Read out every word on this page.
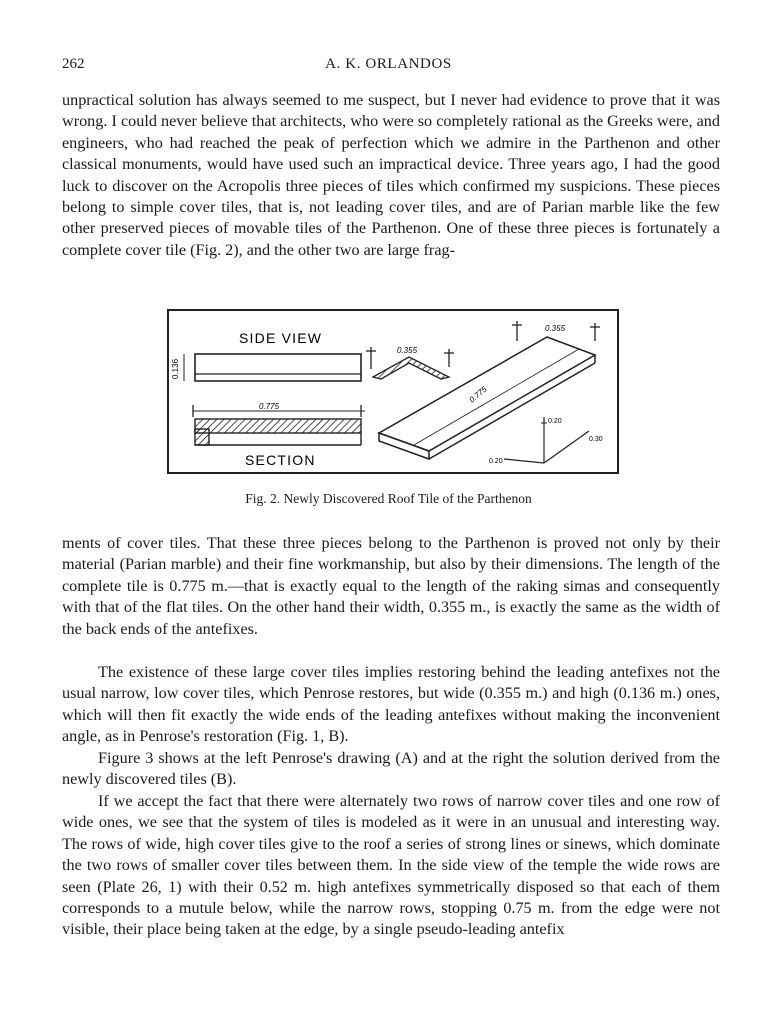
262	A. K. ORLANDOS

unpractical solution has always seemed to me suspect, but I never had evidence to prove that it was wrong. I could never believe that architects, who were so completely rational as the Greeks were, and engineers, who had reached the peak of perfection which we admire in the Parthenon and other classical monuments, would have used such an impractical device. Three years ago, I had the good luck to discover on the Acropolis three pieces of tiles which confirmed my suspicions. These pieces belong to simple cover tiles, that is, not leading cover tiles, and are of Parian marble like the few other preserved pieces of movable tiles of the Parthenon. One of these three pieces is fortunately a complete cover tile (Fig. 2), and the other two are large frag-

SIDE VIEW
0.136
0.355
0.775
SECTION
0.355
0.775
0.20
0.30
0.20
Fig. 2. Newly Discovered Roof Tile of the Parthenon

ments of cover tiles. That these three pieces belong to the Parthenon is proved not only by their material (Parian marble) and their fine workmanship, but also by their dimensions. The length of the complete tile is 0.775 m.—that is exactly equal to the length of the raking simas and consequently with that of the flat tiles. On the other hand their width, 0.355 m., is exactly the same as the width of the back ends of the antefixes.

The existence of these large cover tiles implies restoring behind the leading antefixes not the usual narrow, low cover tiles, which Penrose restores, but wide (0.355 m.) and high (0.136 m.) ones, which will then fit exactly the wide ends of the leading antefixes without making the inconvenient angle, as in Penrose's restoration (Fig. 1, B).

Figure 3 shows at the left Penrose's drawing (A) and at the right the solution derived from the newly discovered tiles (B).

If we accept the fact that there were alternately two rows of narrow cover tiles and one row of wide ones, we see that the system of tiles is modeled as it were in an unusual and interesting way. The rows of wide, high cover tiles give to the roof a series of strong lines or sinews, which dominate the two rows of smaller cover tiles between them. In the side view of the temple the wide rows are seen (Plate 26, 1) with their 0.52 m. high antefixes symmetrically disposed so that each of them corresponds to a mutule below, while the narrow rows, stopping 0.75 m. from the edge were not visible, their place being taken at the edge, by a single pseudo-leading antefix
